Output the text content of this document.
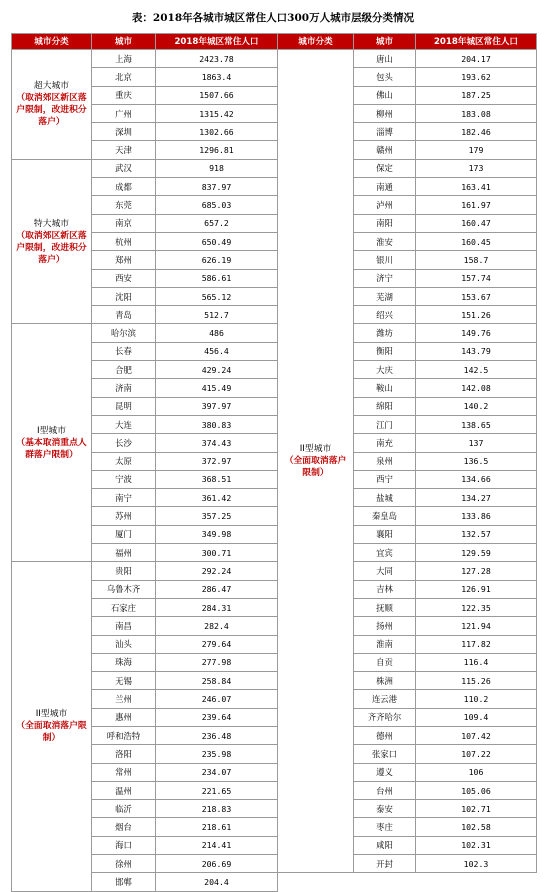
表：2018年各城市城区常住人口300万人城市层级分类情况
城市分类	城市	2018年城区常住人口

超大城市
（取消郊区新区落户限制，改进积分落户）	上海	2423.78
	北京	1863.4
	重庆	1507.66
	广州	1315.42
	深圳	1302.66
	天津	1296.81

特大城市
（取消郊区新区落户限制，改进积分落户）	武汉	918
	成都	837.97
	东莞	685.03
	南京	657.2
	杭州	650.49
	郑州	626.19
	西安	586.61
	沈阳	565.12
	青岛	512.7

I型城市
（基本取消重点人群落户限制）	哈尔滨	486
	长春	456.4
	合肥	429.24
	济南	415.49
	昆明	397.97
	大连	380.83
	长沙	374.43
	太原	372.97
	宁波	368.51
	南宁	361.42
	苏州	357.25
	厦门	349.98
	福州	300.71

II型城市
（全面取消落户限制）	贵阳	292.24
	乌鲁木齐	286.47
	石家庄	284.31
	南昌	282.4
	汕头	279.64
	珠海	277.98
	无锡	258.84
	兰州	246.07
	惠州	239.64
	呼和浩特	236.48
	洛阳	235.98
	常州	234.07
	温州	221.65
	临沂	218.83
	烟台	218.61
	海口	214.41
	徐州	206.69
	邯郸	204.4
城市分类	城市	2018年城区常住人口

II型城市
（全面取消落户限制）	唐山	204.17
	包头	193.62
	佛山	187.25
	柳州	183.08
	淄博	182.46
	赣州	179
	保定	173
	南通	163.41
	泸州	161.97
	南阳	160.47
	淮安	160.45
	银川	158.7
	济宁	157.74
	芜湖	153.67
	绍兴	151.26
	潍坊	149.76
	衡阳	143.79
	大庆	142.5
	鞍山	142.08
	绵阳	140.2
	江门	138.65
	南充	137
	泉州	136.5
	西宁	134.66
	盐城	134.27
	秦皇岛	133.86
	襄阳	132.57
	宜宾	129.59
	大同	127.28
	吉林	126.91
	抚顺	122.35
	扬州	121.94
	淮南	117.82
	自贡	116.4
	株洲	115.26
	连云港	110.2
	齐齐哈尔	109.4
	德州	107.42
	张家口	107.22
	遵义	106
	台州	105.06
	泰安	102.71
	枣庄	102.58
	咸阳	102.31
	开封	102.3
